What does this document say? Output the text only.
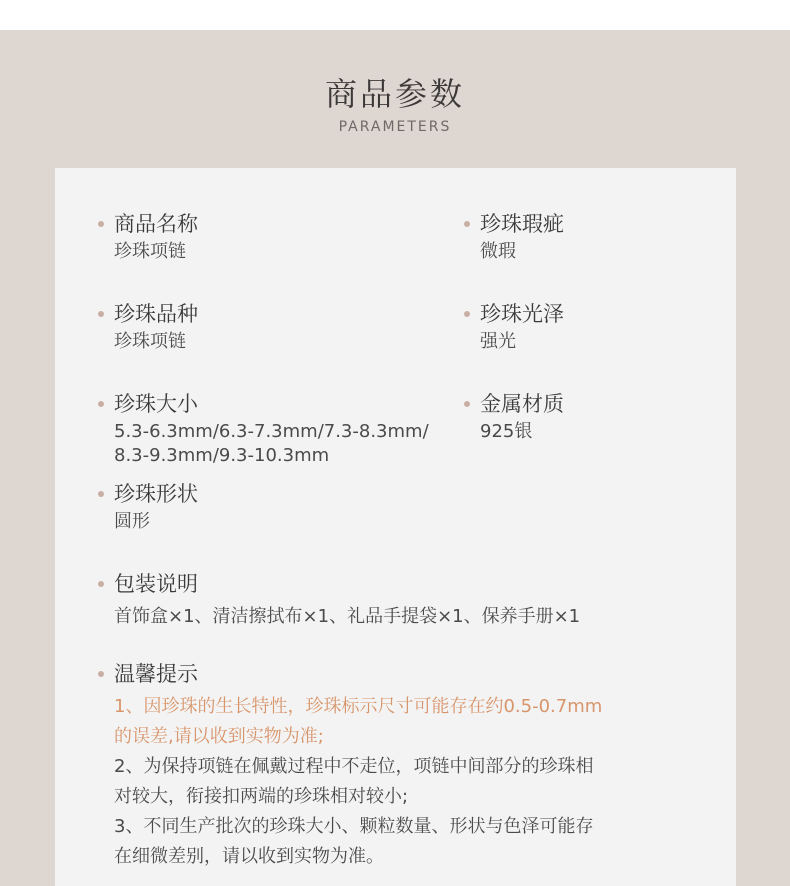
商品参数
PARAMETERS
商品名称
珍珠项链
珍珠品种
珍珠项链
珍珠大小
5.3-6.3mm/6.3-7.3mm/7.3-8.3mm/
8.3-9.3mm/9.3-10.3mm
珍珠形状
圆形
珍珠瑕疵
微瑕
珍珠光泽
强光
金属材质
925银
包装说明
首饰盒×1、清洁擦拭布×1、礼品手提袋×1、保养手册×1
温馨提示
1、因珍珠的生长特性，珍珠标示尺寸可能存在约0.5-0.7mm
的误差,请以收到实物为准;
2、为保持项链在佩戴过程中不走位，项链中间部分的珍珠相
对较大，衔接扣两端的珍珠相对较小;
3、不同生产批次的珍珠大小、颗粒数量、形状与色泽可能存
在细微差别，请以收到实物为准。
